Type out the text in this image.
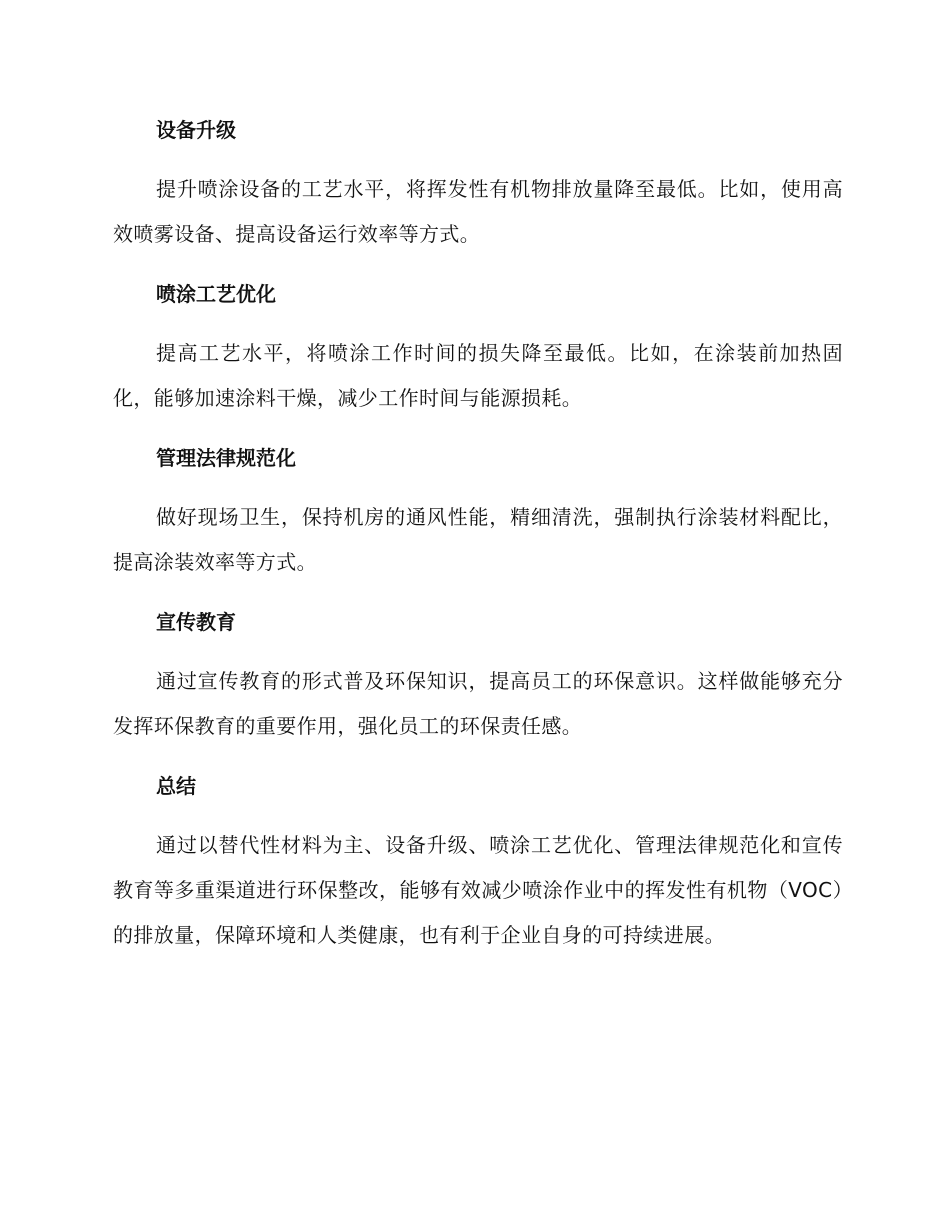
设备升级

提升喷涂设备的工艺水平，将挥发性有机物排放量降至最低。比如，使用高效喷雾设备、提高设备运行效率等方式。

喷涂工艺优化

提高工艺水平，将喷涂工作时间的损失降至最低。比如，在涂装前加热固化，能够加速涂料干燥，减少工作时间与能源损耗。

管理法律规范化

做好现场卫生，保持机房的通风性能，精细清洗，强制执行涂装材料配比，提高涂装效率等方式。

宣传教育

通过宣传教育的形式普及环保知识，提高员工的环保意识。这样做能够充分发挥环保教育的重要作用，强化员工的环保责任感。

总结

通过以替代性材料为主、设备升级、喷涂工艺优化、管理法律规范化和宣传教育等多重渠道进行环保整改，能够有效减少喷涂作业中的挥发性有机物（VOC）的排放量，保障环境和人类健康，也有利于企业自身的可持续进展。
